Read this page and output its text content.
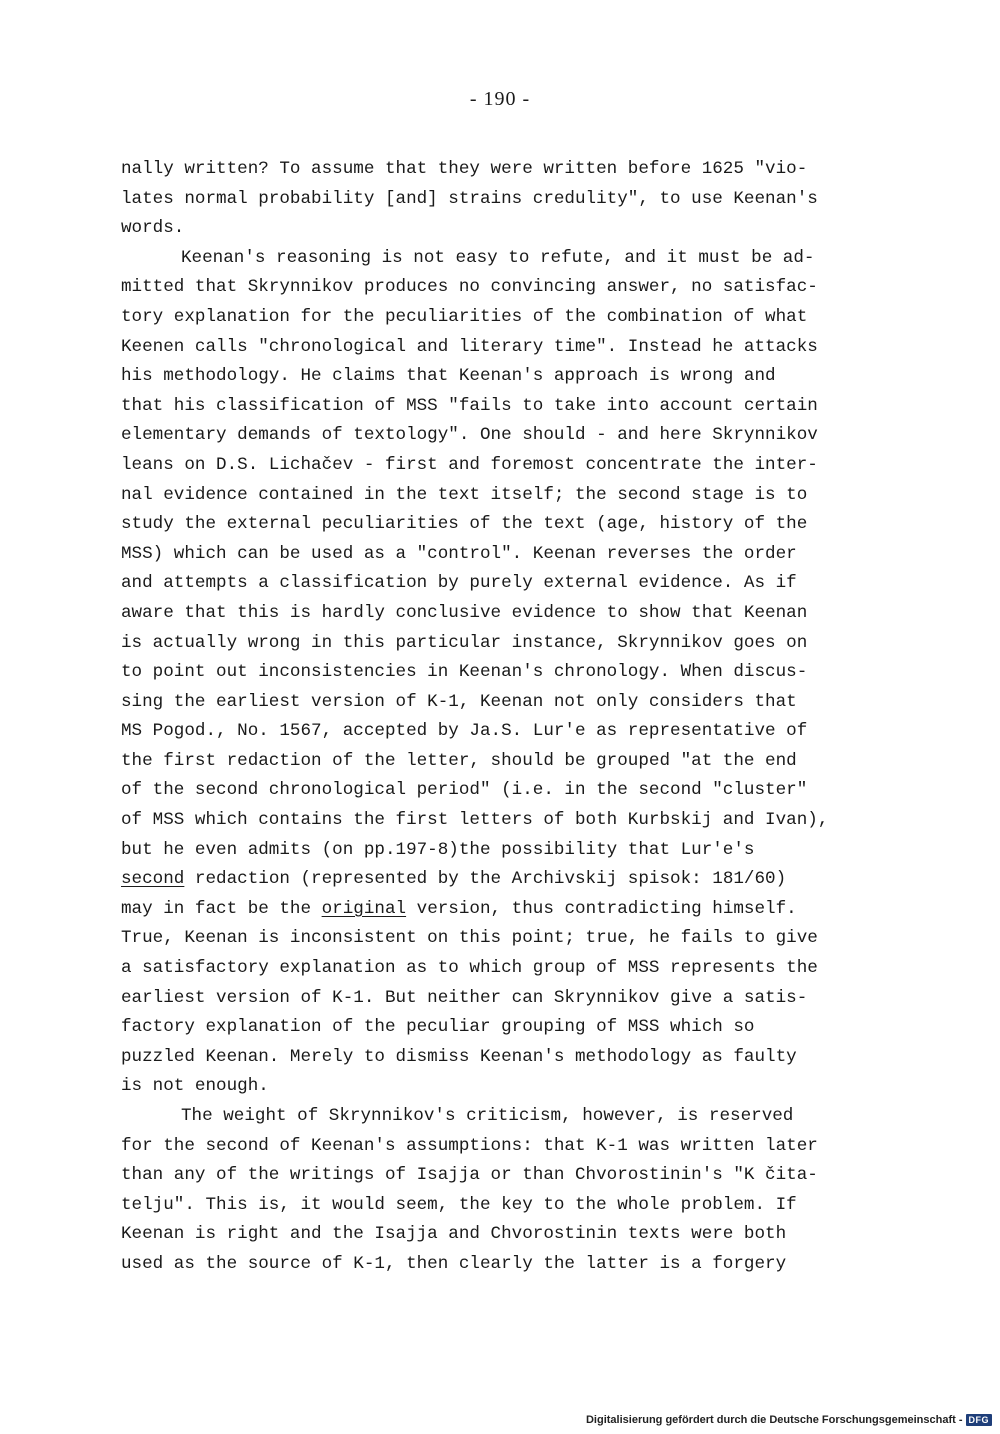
- 190 -
nally written? To assume that they were written before 1625 "vio-
lates normal probability [and] strains credulity", to use Keenan's
words.
Keenan's reasoning is not easy to refute, and it must be ad-
mitted that Skrynnikov produces no convincing answer, no satisfac-
tory explanation for the peculiarities of the combination of what
Keenen calls "chronological and literary time". Instead he attacks
his methodology. He claims that Keenan's approach is wrong and
that his classification of MSS "fails to take into account certain
elementary demands of textology". One should - and here Skrynnikov
leans on D.S. Lichačev - first and foremost concentrate the inter-
nal evidence contained in the text itself; the second stage is to
study the external peculiarities of the text (age, history of the
MSS) which can be used as a "control". Keenan reverses the order
and attempts a classification by purely external evidence. As if
aware that this is hardly conclusive evidence to show that Keenan
is actually wrong in this particular instance, Skrynnikov goes on
to point out inconsistencies in Keenan's chronology. When discus-
sing the earliest version of K-1, Keenan not only considers that
MS Pogod., No. 1567, accepted by Ja.S. Lur'e as representative of
the first redaction of the letter, should be grouped "at the end
of the second chronological period" (i.e. in the second "cluster"
of MSS which contains the first letters of both Kurbskij and Ivan),
but he even admits (on pp.197-8)the possibility that Lur'e's
second redaction (represented by the Archivskij spisok: 181/60)
may in fact be the original version, thus contradicting himself.
True, Keenan is inconsistent on this point; true, he fails to give
a satisfactory explanation as to which group of MSS represents the
earliest version of K-1. But neither can Skrynnikov give a satis-
factory explanation of the peculiar grouping of MSS which so
puzzled Keenan. Merely to dismiss Keenan's methodology as faulty
is not enough.
The weight of Skrynnikov's criticism, however, is reserved
for the second of Keenan's assumptions: that K-1 was written later
than any of the writings of Isajja or than Chvorostinin's "K čita-
telju". This is, it would seem, the key to the whole problem. If
Keenan is right and the Isajja and Chvorostinin texts were both
used as the source of K-1, then clearly the latter is a forgery
Digitalisierung gefördert durch die Deutsche Forschungsgemeinschaft - DFG
